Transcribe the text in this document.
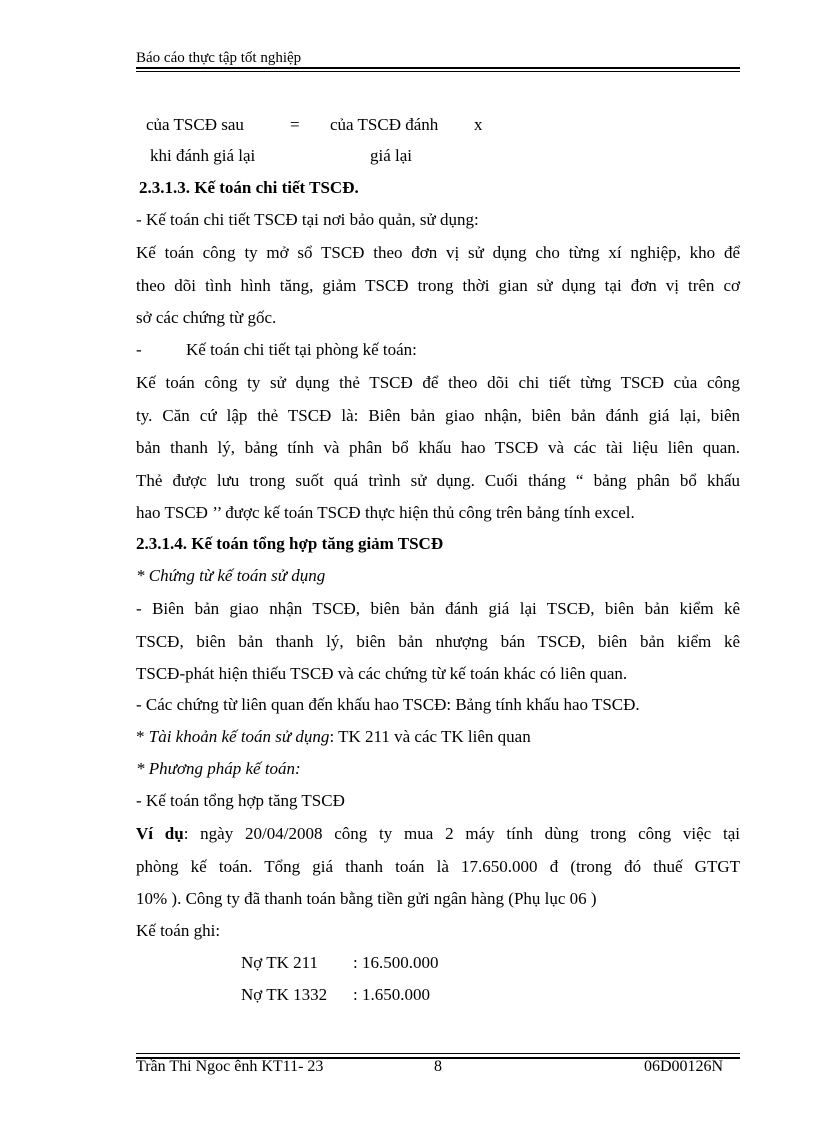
Báo cáo thực tập tốt nghiệp
của TSCĐ sau	= của TSCĐ đánh x
khi đánh giá lại	giá lại
2.3.1.3. Kế toán chi tiết TSCĐ.
- Kế toán chi tiết TSCĐ tại nơi bảo quản, sử dụng:
Kế toán công ty mở sổ TSCĐ theo đơn vị sử dụng cho từng xí nghiệp, kho để
theo dõi tình hình tăng, giảm TSCĐ trong thời gian sử dụng tại đơn vị trên cơ
sở các chứng từ gốc.
-	Kế toán chi tiết tại phòng kế toán:
Kế toán công ty sử dụng thẻ TSCĐ để theo dõi chi tiết từng TSCĐ của công
ty. Căn cứ lập thẻ TSCĐ là: Biên bản giao nhận, biên bản đánh giá lại, biên
bản thanh lý, bảng tính và phân bổ khấu hao TSCĐ và các tài liệu liên quan.
Thẻ được lưu trong suốt quá trình sử dụng. Cuối tháng “ bảng phân bổ khấu
hao TSCĐ ’’ được kế toán TSCĐ thực hiện thủ công trên bảng tính excel.
2.3.1.4. Kế toán tổng hợp tăng giảm TSCĐ
* Chứng từ kế toán sử dụng
- Biên bản giao nhận TSCĐ, biên bản đánh giá lại TSCĐ, biên bản kiểm kê
TSCĐ, biên bản thanh lý, biên bản nhượng bán TSCĐ, biên bản kiểm kê
TSCĐ-phát hiện thiếu TSCĐ và các chứng từ kế toán khác có liên quan.
- Các chứng từ liên quan đến khấu hao TSCĐ: Bảng tính khấu hao TSCĐ.
* Tài khoản kế toán sử dụng: TK 211 và các TK liên quan
* Phương pháp kế toán:
- Kế toán tổng hợp tăng TSCĐ
Ví dụ: ngày 20/04/2008 công ty mua 2 máy tính dùng trong công việc tại
phòng kế toán. Tổng giá thanh toán là 17.650.000 đ (trong đó thuế GTGT
10% ). Công ty đã thanh toán bằng tiền gửi ngân hàng (Phụ lục 06 )
Kế toán ghi:
Nợ TK 211 : 16.500.000
Nợ TK 1332 : 1.650.000
Trần Thi Ngoc ênh KT11- 23	8	06D00126N
